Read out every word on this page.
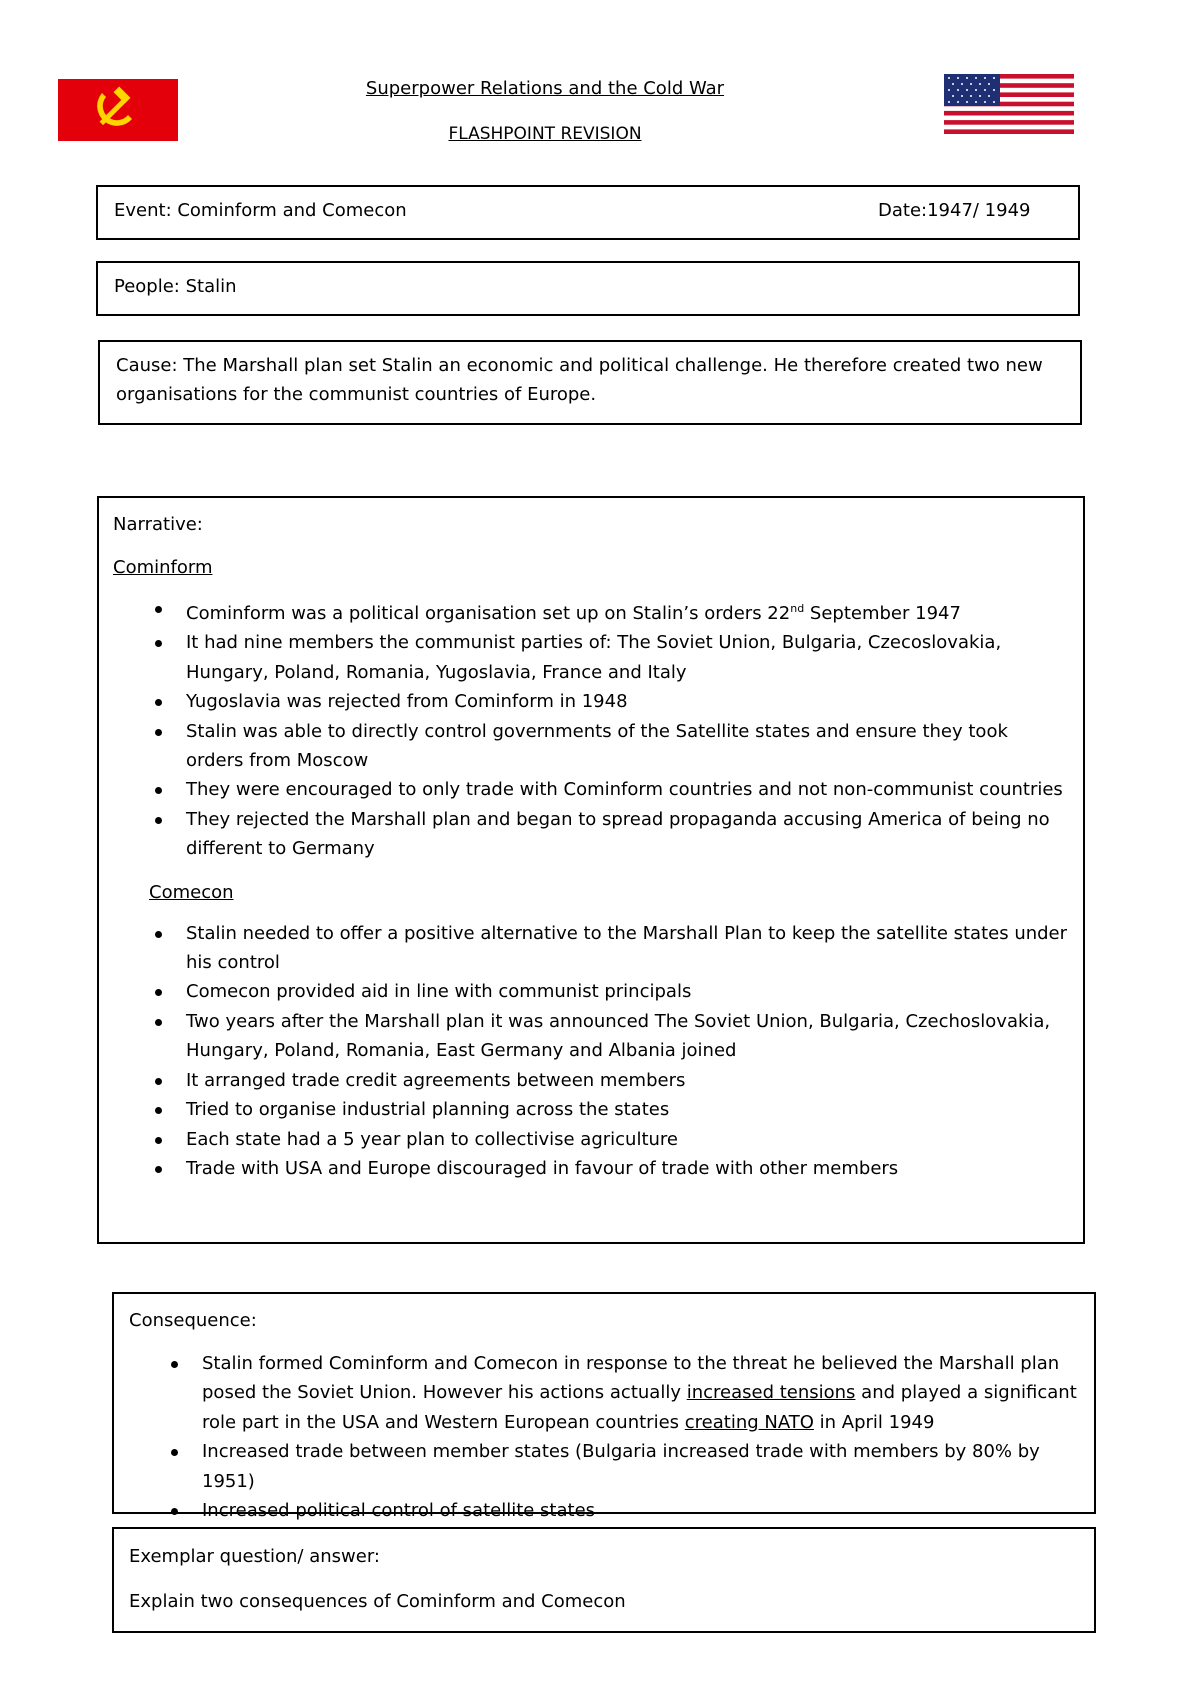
Superpower Relations and the Cold War
FLASHPOINT REVISION
Event: Cominform and Comecon	Date:1947/ 1949
People: Stalin
Cause: The Marshall plan set Stalin an economic and political challenge. He therefore created two new
organisations for the communist countries of Europe.

Narrative:

Cominform

Cominform was a political organisation set up on Stalin’s orders 22nd September 1947
It had nine members the communist parties of: The Soviet Union, Bulgaria, Czecoslovakia, Hungary, Poland, Romania, Yugoslavia, France and Italy
Yugoslavia was rejected from Cominform in 1948
Stalin was able to directly control governments of the Satellite states and ensure they took orders from Moscow
They were encouraged to only trade with Cominform countries and not non-communist countries
They rejected the Marshall plan and began to spread propaganda accusing America of being no different to Germany

Comecon

Stalin needed to offer a positive alternative to the Marshall Plan to keep the satellite states under his control
Comecon provided aid in line with communist principals
Two years after the Marshall plan it was announced The Soviet Union, Bulgaria, Czechoslovakia, Hungary, Poland, Romania, East Germany and Albania joined
It arranged trade credit agreements between members
Tried to organise industrial planning across the states
Each state had a 5 year plan to collectivise agriculture
Trade with USA and Europe discouraged in favour of trade with other members

Consequence:

Stalin formed Cominform and Comecon in response to the threat he believed the Marshall plan posed the Soviet Union. However his actions actually increased tensions and played a significant role part in the USA and Western European countries creating NATO in April 1949
Increased trade between member states (Bulgaria increased trade with members by 80% by 1951)
Increased political control of satellite states

Exemplar question/ answer:

Explain two consequences of Cominform and Comecon
